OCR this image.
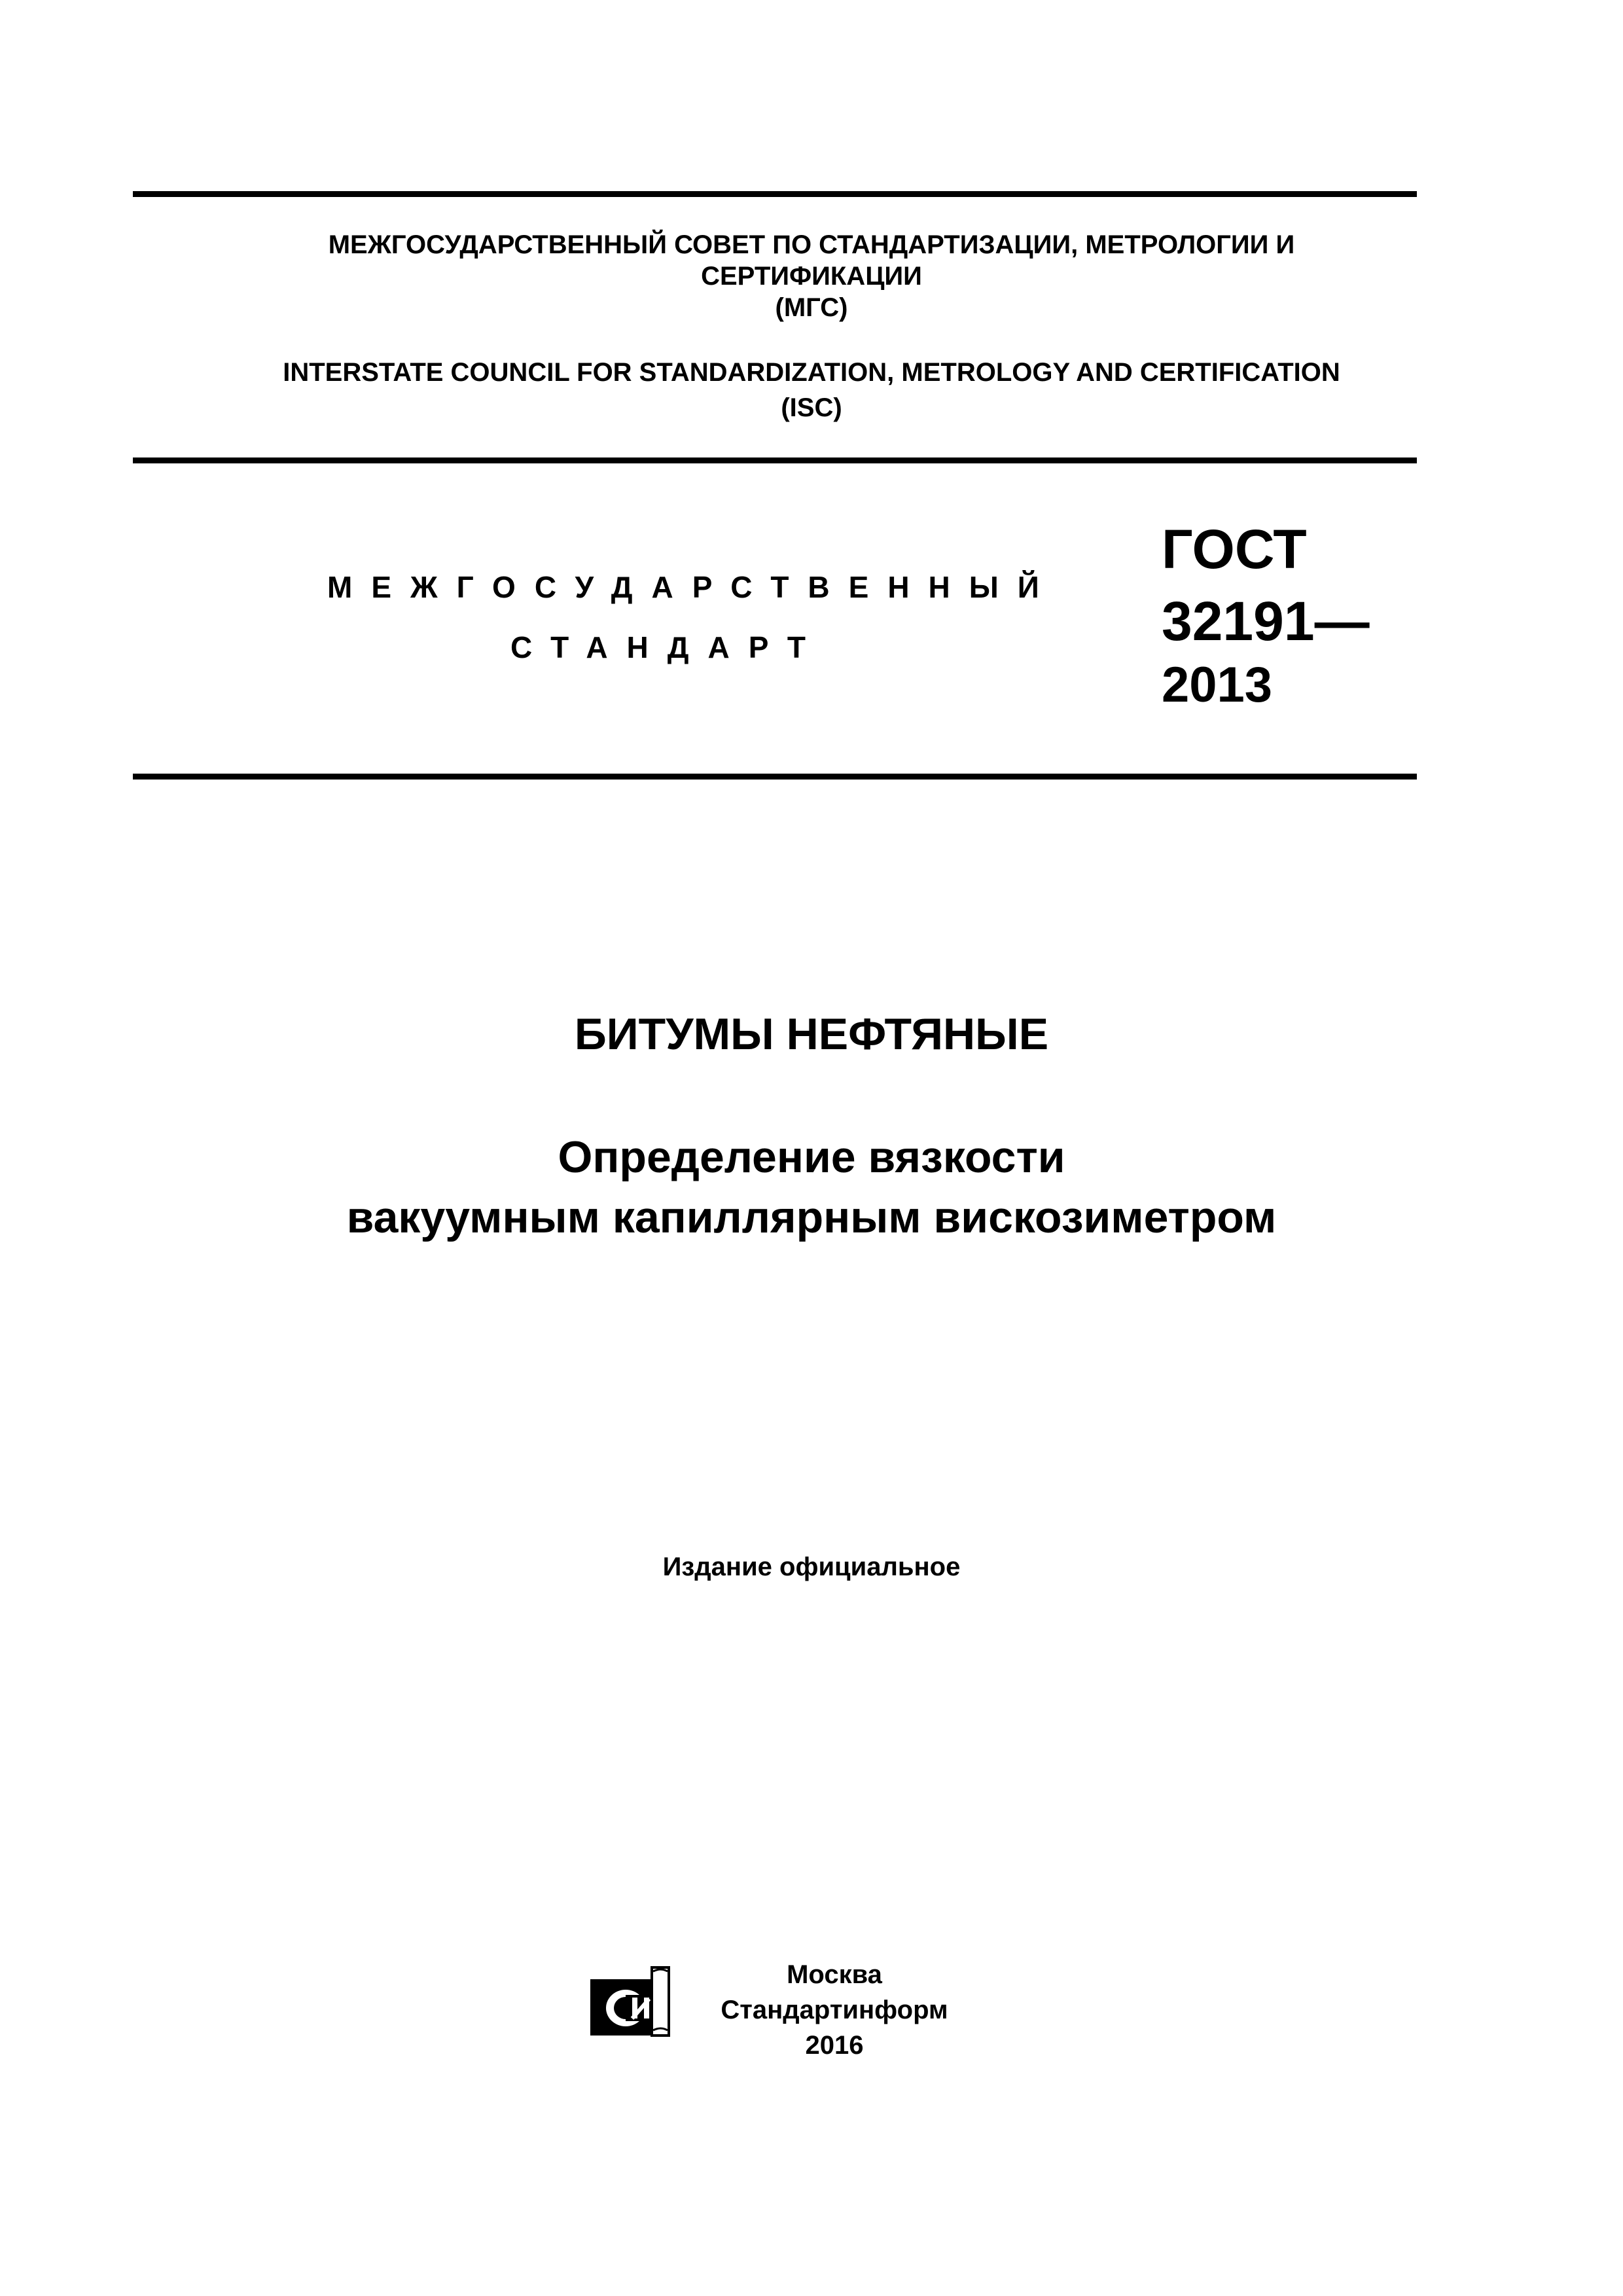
МЕЖГОСУДАРСТВЕННЫЙ СОВЕТ ПО СТАНДАРТИЗАЦИИ, МЕТРОЛОГИИ И
СЕРТИФИКАЦИИ
(МГС)
INTERSTATE COUNCIL FOR STANDARDIZATION, METROLOGY AND CERTIFICATION
(ISC)
МЕЖГОСУДАРСТВЕННЫЙ
СТАНДАРТ
ГОСТ
32191—
2013
БИТУМЫ НЕФТЯНЫЕ
Определение вязкости
вакуумным капиллярным вискозиметром
Издание официальное
Москва
Стандартинформ
2016
